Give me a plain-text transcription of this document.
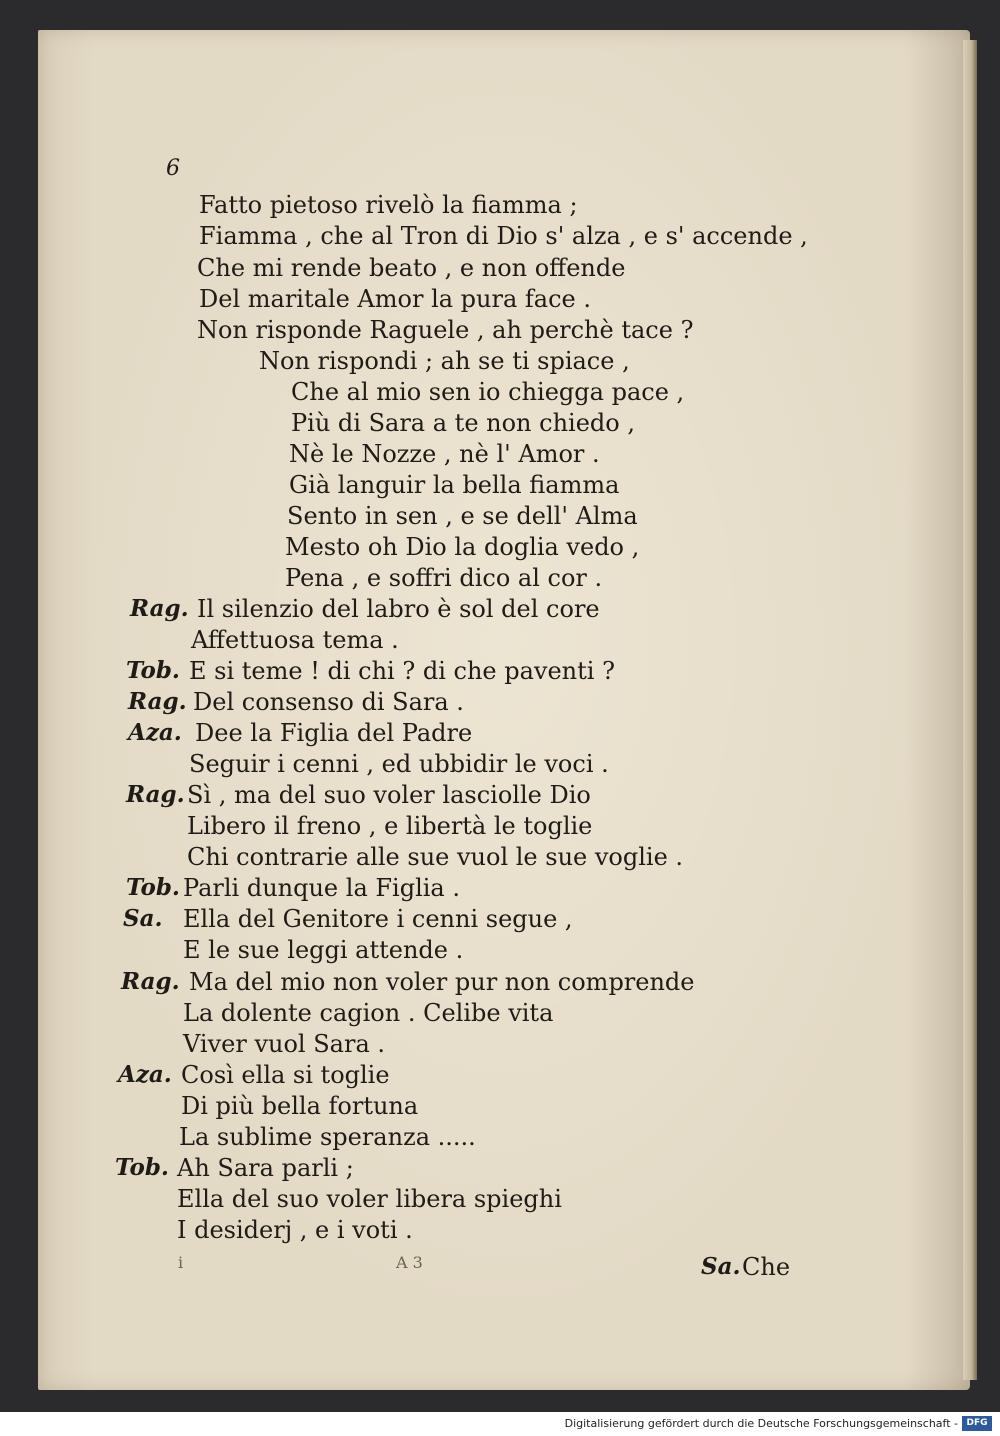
6
Fatto pietoso rivelò la fiamma ;
Fiamma , che al Tron di Dio s' alza , e s' accende ,
Che mi rende beato , e non offende
Del maritale Amor la pura face .
Non risponde Raguele , ah perchè tace ?
Non rispondi ; ah se ti spiace ,
Che al mio sen io chiegga pace ,
Più di Sara a te non chiedo ,
Nè le Nozze , nè l' Amor .
Già languir la bella fiamma
Sento in sen , e se dell' Alma
Mesto oh Dio la doglia vedo ,
Pena , e soffri dico al cor .
Rag. Il silenzio del labro è sol del core
Affettuosa tema .
Tob. E si teme ! di chi ? di che paventi ?
Rag. Del consenso di Sara .
Aza. Dee la Figlia del Padre
Seguir i cenni , ed ubbidir le voci .
Rag. Sì , ma del suo voler lasciolle Dio
Libero il freno , e libertà le toglie
Chi contrarie alle sue vuol le sue voglie .
Tob. Parli dunque la Figlia .
Sa. Ella del Genitore i cenni segue ,
E le sue leggi attende .
Rag. Ma del mio non voler pur non comprende
La dolente cagion . Celibe vita
Viver vuol Sara .
Aza. Così ella si toglie
Di più bella fortuna
La sublime speranza .....
Tob. Ah Sara parli ;
Ella del suo voler libera spieghi
I desiderj , e i voti .
i	A 3	Sa. Che
Digitalisierung gefördert durch die Deutsche Forschungsgemeinschaft - DFG
